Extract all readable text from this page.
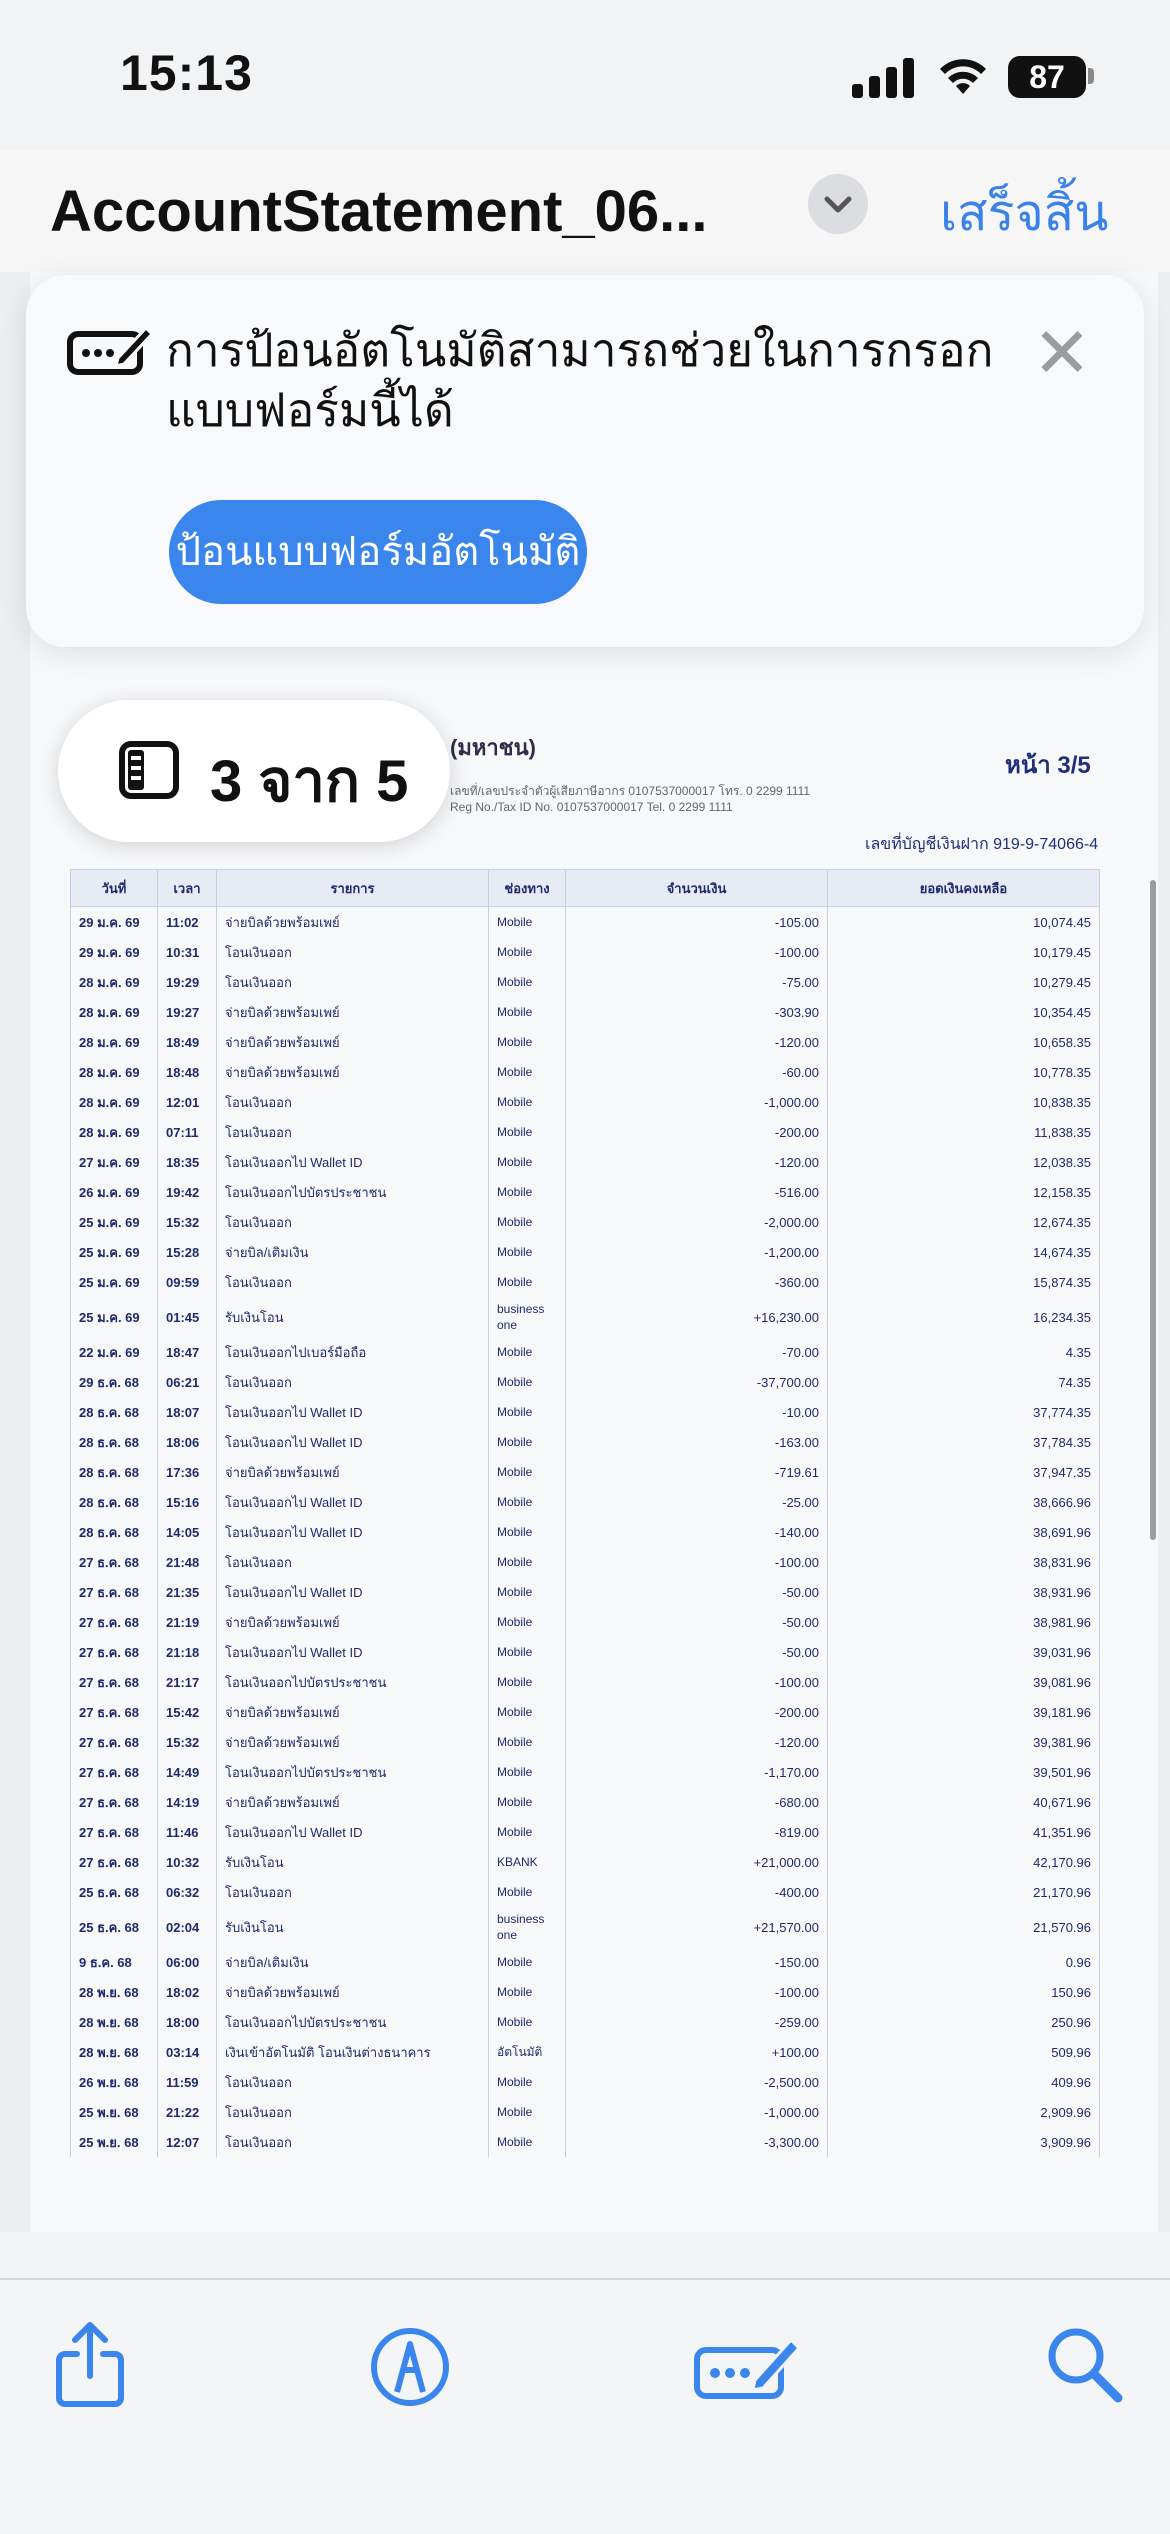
15:13	87
AccountStatement_06...	เสร็จสิ้น
(มหาชน)
เลขที่/เลขประจำตัวผู้เสียภาษีอากร 0107537000017 โทร. 0 2299 1111
Reg No./Tax ID No. 0107537000017 Tel. 0 2299 1111
หน้า 3/5
เลขที่บัญชีเงินฝาก 919-9-74066-4
วันที่	เวลา	รายการ	ช่องทาง	จำนวนเงิน	ยอดเงินคงเหลือ
29 ม.ค. 69	11:02	จ่ายบิลด้วยพร้อมเพย์	Mobile	-105.00	10,074.45
29 ม.ค. 69	10:31	โอนเงินออก	Mobile	-100.00	10,179.45
28 ม.ค. 69	19:29	โอนเงินออก	Mobile	-75.00	10,279.45
28 ม.ค. 69	19:27	จ่ายบิลด้วยพร้อมเพย์	Mobile	-303.90	10,354.45
28 ม.ค. 69	18:49	จ่ายบิลด้วยพร้อมเพย์	Mobile	-120.00	10,658.35
28 ม.ค. 69	18:48	จ่ายบิลด้วยพร้อมเพย์	Mobile	-60.00	10,778.35
28 ม.ค. 69	12:01	โอนเงินออก	Mobile	-1,000.00	10,838.35
28 ม.ค. 69	07:11	โอนเงินออก	Mobile	-200.00	11,838.35
27 ม.ค. 69	18:35	โอนเงินออกไป Wallet ID	Mobile	-120.00	12,038.35
26 ม.ค. 69	19:42	โอนเงินออกไปบัตรประชาชน	Mobile	-516.00	12,158.35
25 ม.ค. 69	15:32	โอนเงินออก	Mobile	-2,000.00	12,674.35
25 ม.ค. 69	15:28	จ่ายบิล/เติมเงิน	Mobile	-1,200.00	14,674.35
25 ม.ค. 69	09:59	โอนเงินออก	Mobile	-360.00	15,874.35
25 ม.ค. 69	01:45	รับเงินโอน	business one	+16,230.00	16,234.35
22 ม.ค. 69	18:47	โอนเงินออกไปเบอร์มือถือ	Mobile	-70.00	4.35
29 ธ.ค. 68	06:21	โอนเงินออก	Mobile	-37,700.00	74.35
28 ธ.ค. 68	18:07	โอนเงินออกไป Wallet ID	Mobile	-10.00	37,774.35
28 ธ.ค. 68	18:06	โอนเงินออกไป Wallet ID	Mobile	-163.00	37,784.35
28 ธ.ค. 68	17:36	จ่ายบิลด้วยพร้อมเพย์	Mobile	-719.61	37,947.35
28 ธ.ค. 68	15:16	โอนเงินออกไป Wallet ID	Mobile	-25.00	38,666.96
28 ธ.ค. 68	14:05	โอนเงินออกไป Wallet ID	Mobile	-140.00	38,691.96
27 ธ.ค. 68	21:48	โอนเงินออก	Mobile	-100.00	38,831.96
27 ธ.ค. 68	21:35	โอนเงินออกไป Wallet ID	Mobile	-50.00	38,931.96
27 ธ.ค. 68	21:19	จ่ายบิลด้วยพร้อมเพย์	Mobile	-50.00	38,981.96
27 ธ.ค. 68	21:18	โอนเงินออกไป Wallet ID	Mobile	-50.00	39,031.96
27 ธ.ค. 68	21:17	โอนเงินออกไปบัตรประชาชน	Mobile	-100.00	39,081.96
27 ธ.ค. 68	15:42	จ่ายบิลด้วยพร้อมเพย์	Mobile	-200.00	39,181.96
27 ธ.ค. 68	15:32	จ่ายบิลด้วยพร้อมเพย์	Mobile	-120.00	39,381.96
27 ธ.ค. 68	14:49	โอนเงินออกไปบัตรประชาชน	Mobile	-1,170.00	39,501.96
27 ธ.ค. 68	14:19	จ่ายบิลด้วยพร้อมเพย์	Mobile	-680.00	40,671.96
27 ธ.ค. 68	11:46	โอนเงินออกไป Wallet ID	Mobile	-819.00	41,351.96
27 ธ.ค. 68	10:32	รับเงินโอน	KBANK	+21,000.00	42,170.96
25 ธ.ค. 68	06:32	โอนเงินออก	Mobile	-400.00	21,170.96
25 ธ.ค. 68	02:04	รับเงินโอน	business one	+21,570.00	21,570.96
9 ธ.ค. 68	06:00	จ่ายบิล/เติมเงิน	Mobile	-150.00	0.96
28 พ.ย. 68	18:02	จ่ายบิลด้วยพร้อมเพย์	Mobile	-100.00	150.96
28 พ.ย. 68	18:00	โอนเงินออกไปบัตรประชาชน	Mobile	-259.00	250.96
28 พ.ย. 68	03:14	เงินเข้าอัตโนมัติ โอนเงินต่างธนาคาร	อัตโนมัติ	+100.00	509.96
26 พ.ย. 68	11:59	โอนเงินออก	Mobile	-2,500.00	409.96
25 พ.ย. 68	21:22	โอนเงินออก	Mobile	-1,000.00	2,909.96
25 พ.ย. 68	12:07	โอนเงินออก	Mobile	-3,300.00	3,909.96
การป้อนอัตโนมัติสามารถช่วยในการกรอกแบบฟอร์มนี้ได้
✕
ป้อนแบบฟอร์มอัตโนมัติ
3 จาก 5
